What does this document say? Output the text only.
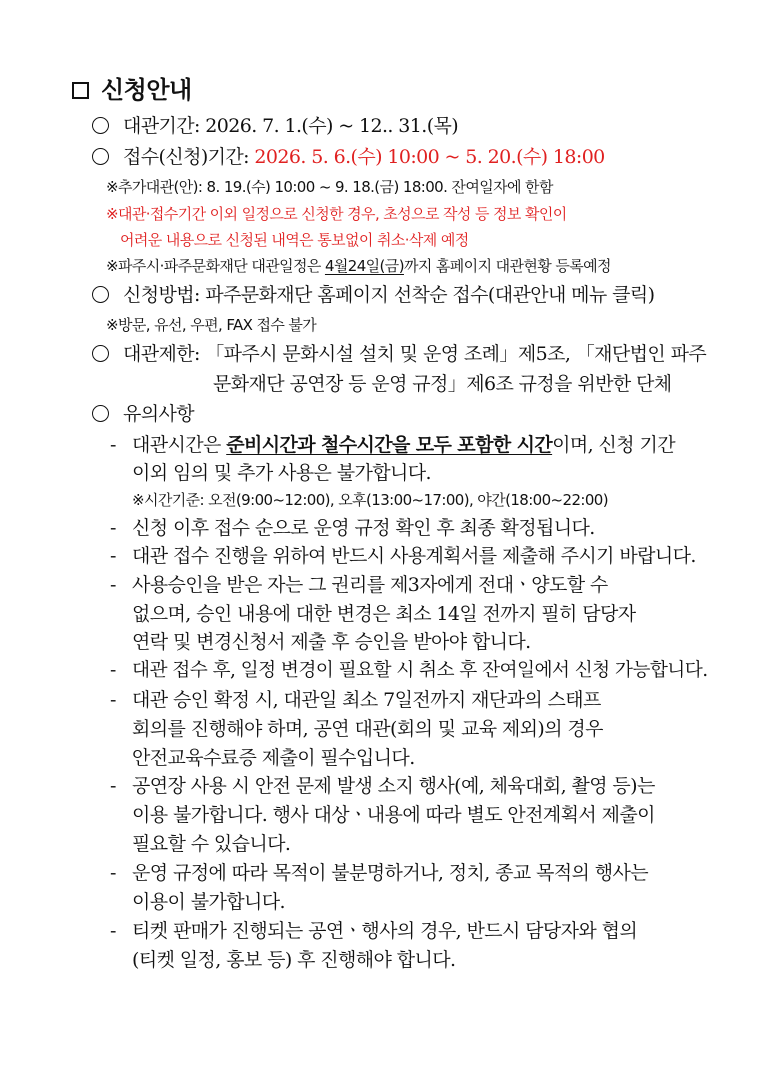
신청안내
대관기간: 2026. 7. 1.(수) ~ 12.. 31.(목)
접수(신청)기간: 2026. 5. 6.(수) 10:00 ~ 5. 20.(수) 18:00
※추가대관(안): 8. 19.(수) 10:00 ~ 9. 18.(금) 18:00. 잔여일자에 한함
※대관·접수기간 이외 일정으로 신청한 경우, 초성으로 작성 등 정보 확인이
어려운 내용으로 신청된 내역은 통보없이 취소·삭제 예정
※파주시·파주문화재단 대관일정은 4월24일(금)까지 홈페이지 대관현황 등록예정
신청방법: 파주문화재단 홈페이지 선착순 접수(대관안내 메뉴 클릭)
※방문, 유선, 우편, FAX 접수 불가
대관제한: 「파주시 문화시설 설치 및 운영 조례」제5조, 「재단법인 파주
문화재단 공연장 등 운영 규정」제6조 규정을 위반한 단체
유의사항
- 대관시간은 준비시간과 철수시간을 모두 포함한 시간이며, 신청 기간
이외 임의 및 추가 사용은 불가합니다.
※시간기준: 오전(9:00~12:00), 오후(13:00~17:00), 야간(18:00~22:00)
- 신청 이후 접수 순으로 운영 규정 확인 후 최종 확정됩니다.
- 대관 접수 진행을 위하여 반드시 사용계획서를 제출해 주시기 바랍니다.
- 사용승인을 받은 자는 그 권리를 제3자에게 전대ㆍ양도할 수
없으며, 승인 내용에 대한 변경은 최소 14일 전까지 필히 담당자
연락 및 변경신청서 제출 후 승인을 받아야 합니다.
- 대관 접수 후, 일정 변경이 필요할 시 취소 후 잔여일에서 신청 가능합니다.
- 대관 승인 확정 시, 대관일 최소 7일전까지 재단과의 스태프
회의를 진행해야 하며, 공연 대관(회의 및 교육 제외)의 경우
안전교육수료증 제출이 필수입니다.
- 공연장 사용 시 안전 문제 발생 소지 행사(예, 체육대회, 촬영 등)는
이용 불가합니다. 행사 대상ㆍ내용에 따라 별도 안전계획서 제출이
필요할 수 있습니다.
- 운영 규정에 따라 목적이 불분명하거나, 정치, 종교 목적의 행사는
이용이 불가합니다.
- 티켓 판매가 진행되는 공연ㆍ행사의 경우, 반드시 담당자와 협의
(티켓 일정, 홍보 등) 후 진행해야 합니다.
